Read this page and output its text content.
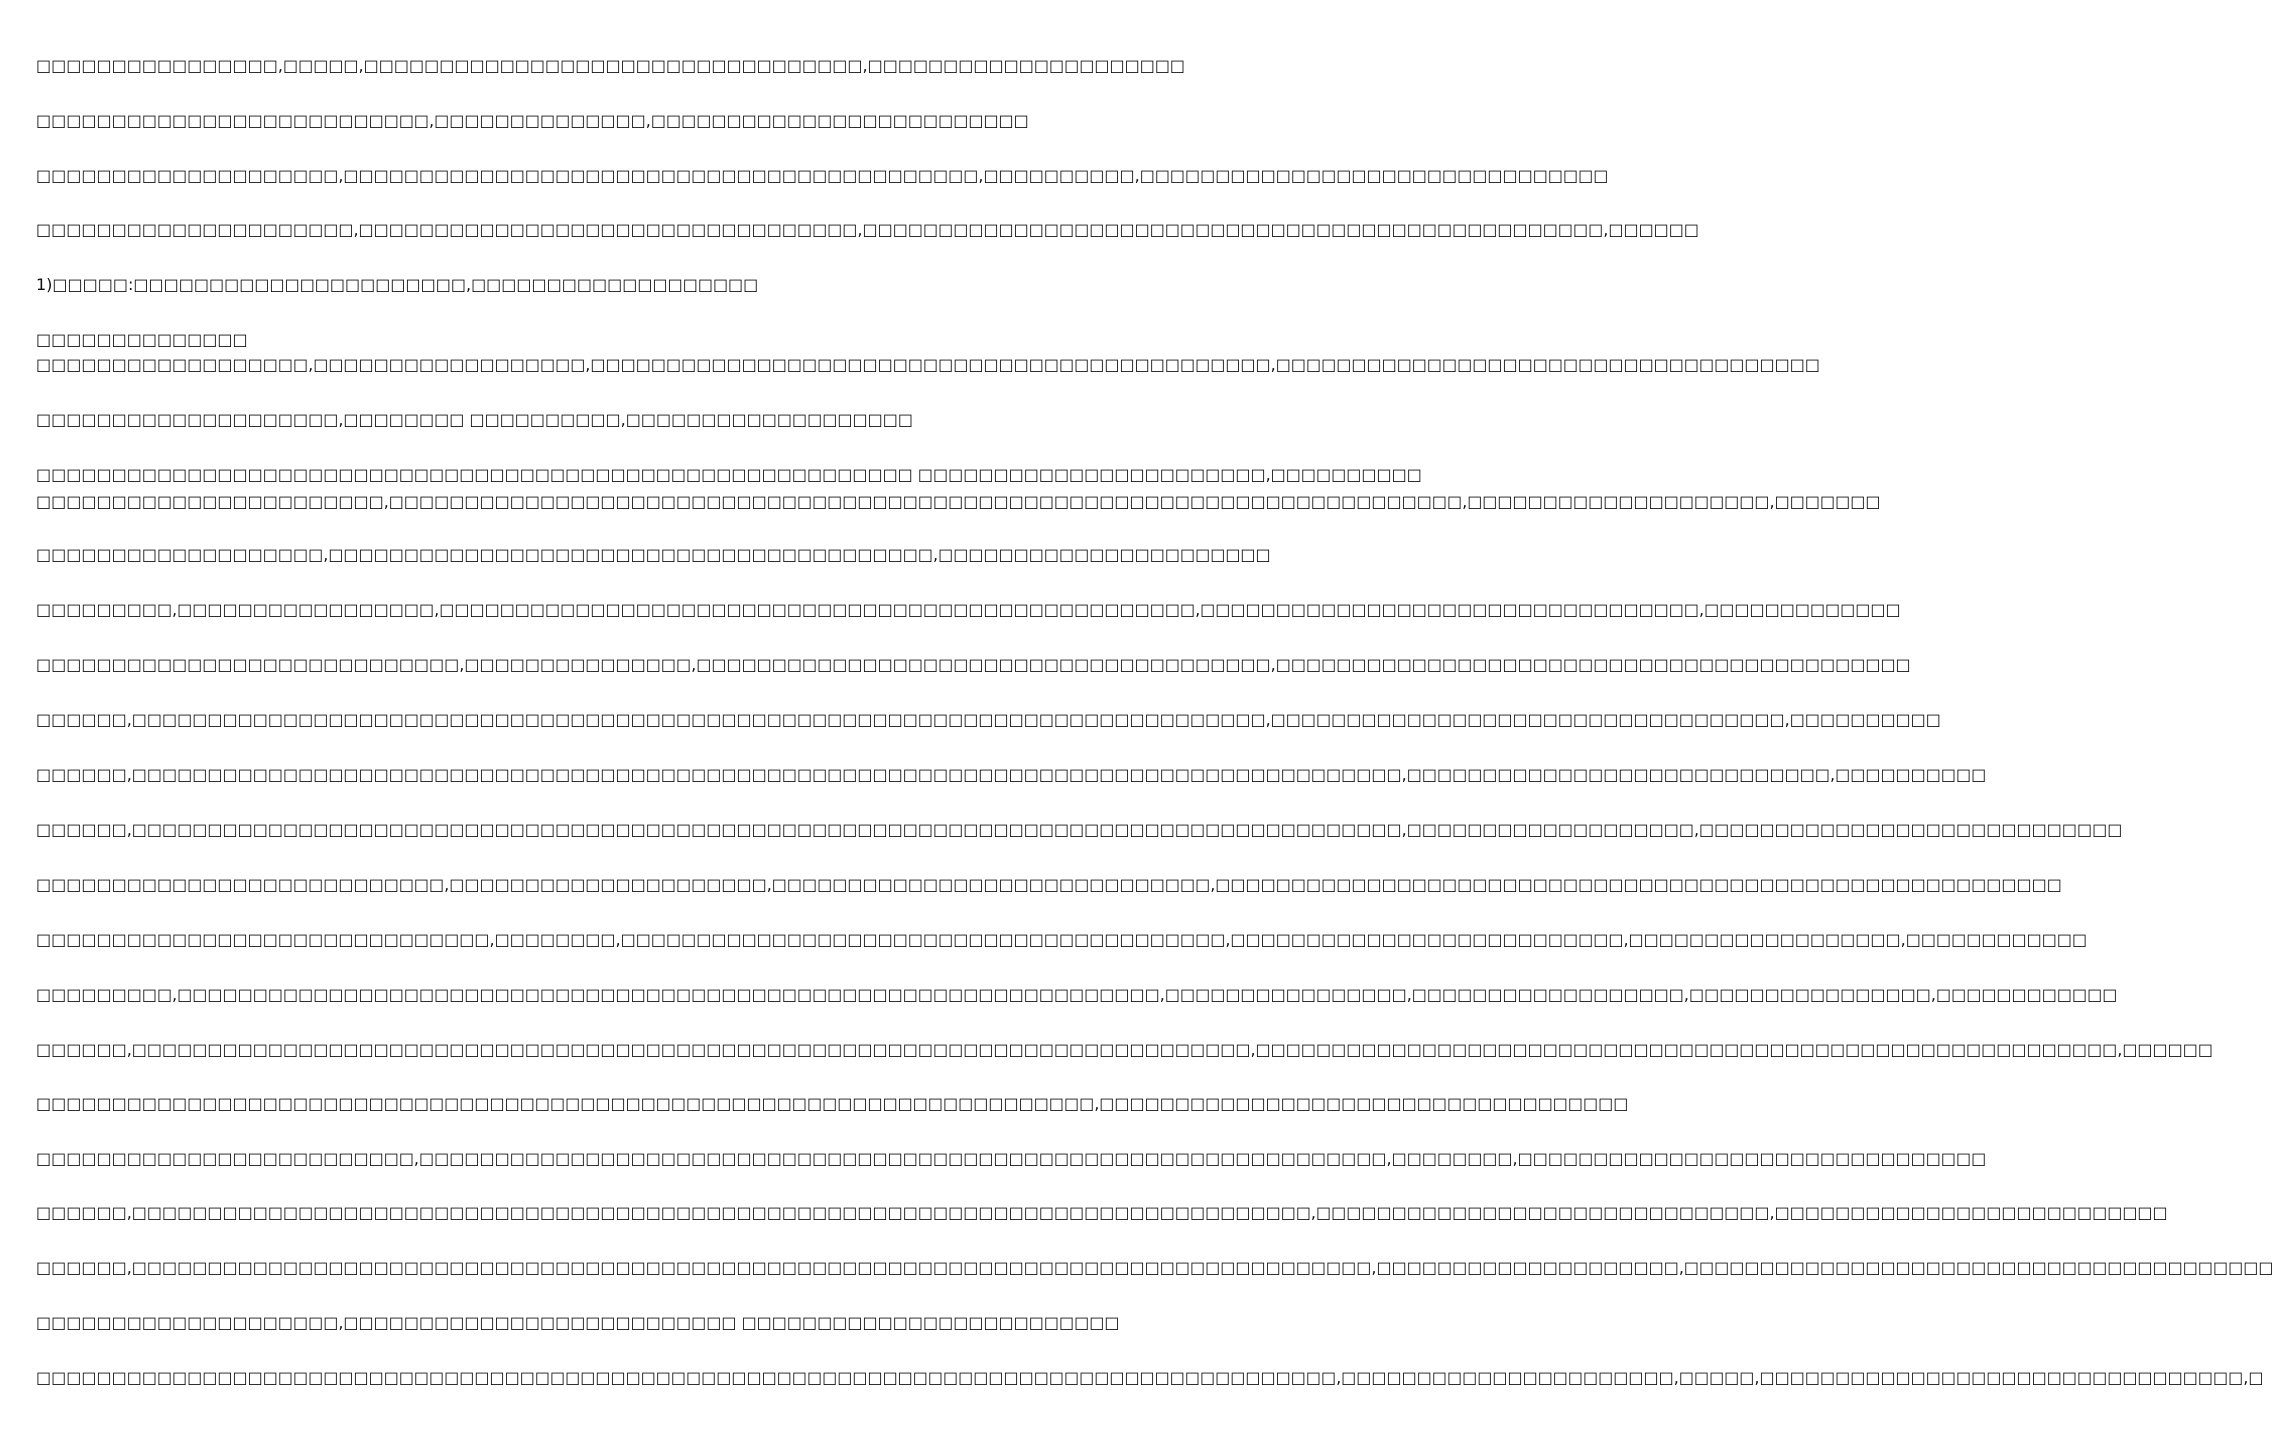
□□□□□□□□□□□□□□□□,□□□□□,□□□□□□□□□□□□□□□□□□□□□□□□□□□□□□□□□,□□□□□□□□□□□□□□□□□□□□□
□□□□□□□□□□□□□□□□□□□□□□□□□□,□□□□□□□□□□□□□□,□□□□□□□□□□□□□□□□□□□□□□□□□
□□□□□□□□□□□□□□□□□□□□,□□□□□□□□□□□□□□□□□□□□□□□□□□□□□□□□□□□□□□□□□□,□□□□□□□□□□,□□□□□□□□□□□□□□□□□□□□□□□□□□□□□□□
□□□□□□□□□□□□□□□□□□□□□,□□□□□□□□□□□□□□□□□□□□□□□□□□□□□□□□□,□□□□□□□□□□□□□□□□□□□□□□□□□□□□□□□□□□□□□□□□□□□□□□□□□,□□□□□□
1)□□□□□:□□□□□□□□□□□□□□□□□□□□□□,□□□□□□□□□□□□□□□□□□□
□□□□□□□□□□□□□□
□□□□□□□□□□□□□□□□□□,□□□□□□□□□□□□□□□□□□,□□□□□□□□□□□□□□□□□□□□□□□□□□□□□□□□□□□□□□□□□□□□□,□□□□□□□□□□□□□□□□□□□□□□□□□□□□□□□□□□□□
□□□□□□□□□□□□□□□□□□□□,□□□□□□□□ □□□□□□□□□□,□□□□□□□□□□□□□□□□□□□
□□□□□□□□□□□□□□□□□□□□□□□□□□□□□□□□□□□□□□□□□□□□□□□□□□□□□□□□□□ □□□□□□□□□□□□□□□□□□□□□□□,□□□□□□□□□□
□□□□□□□□□□□□□□□□□□□□□□□,□□□□□□□□□□□□□□□□□□□□□□□□□□□□□□□□□□□□□□□□□□□□□□□□□□□□□□□□□□□□□□□□□□□□□□□,□□□□□□□□□□□□□□□□□□□□,□□□□□□□
□□□□□□□□□□□□□□□□□□□,□□□□□□□□□□□□□□□□□□□□□□□□□□□□□□□□□□□□□□□□,□□□□□□□□□□□□□□□□□□□□□□
□□□□□□□□□,□□□□□□□□□□□□□□□□□,□□□□□□□□□□□□□□□□□□□□□□□□□□□□□□□□□□□□□□□□□□□□□□□□□□,□□□□□□□□□□□□□□□□□□□□□□□□□□□□□□□□□,□□□□□□□□□□□□□
□□□□□□□□□□□□□□□□□□□□□□□□□□□□,□□□□□□□□□□□□□□□,□□□□□□□□□□□□□□□□□□□□□□□□□□□□□□□□□□□□□□,□□□□□□□□□□□□□□□□□□□□□□□□□□□□□□□□□□□□□□□□□□
□□□□□□,□□□□□□□□□□□□□□□□□□□□□□□□□□□□□□□□□□□□□□□□□□□□□□□□□□□□□□□□□□□□□□□□□□□□□□□□□□□,□□□□□□□□□□□□□□□□□□□□□□□□□□□□□□□□□□,□□□□□□□□□□
□□□□□□,□□□□□□□□□□□□□□□□□□□□□□□□□□□□□□□□□□□□□□□□□□□□□□□□□□□□□□□□□□□□□□□□□□□□□□□□□□□□□□□□□□□□,□□□□□□□□□□□□□□□□□□□□□□□□□□□□,□□□□□□□□□□
□□□□□□,□□□□□□□□□□□□□□□□□□□□□□□□□□□□□□□□□□□□□□□□□□□□□□□□□□□□□□□□□□□□□□□□□□□□□□□□□□□□□□□□□□□□,□□□□□□□□□□□□□□□□□□□,□□□□□□□□□□□□□□□□□□□□□□□□□□□□
□□□□□□□□□□□□□□□□□□□□□□□□□□□,□□□□□□□□□□□□□□□□□□□□□,□□□□□□□□□□□□□□□□□□□□□□□□□□□□□,□□□□□□□□□□□□□□□□□□□□□□□□□□□□□□□□□□□□□□□□□□□□□□□□□□□□□□□□
□□□□□□□□□□□□□□□□□□□□□□□□□□□□□□,□□□□□□□□,□□□□□□□□□□□□□□□□□□□□□□□□□□□□□□□□□□□□□□□□,□□□□□□□□□□□□□□□□□□□□□□□□□□,□□□□□□□□□□□□□□□□□□,□□□□□□□□□□□□
□□□□□□□□□,□□□□□□□□□□□□□□□□□□□□□□□□□□□□□□□□□□□□□□□□□□□□□□□□□□□□□□□□□□□□□□□□□,□□□□□□□□□□□□□□□□,□□□□□□□□□□□□□□□□□□,□□□□□□□□□□□□□□□□,□□□□□□□□□□□□
□□□□□□,□□□□□□□□□□□□□□□□□□□□□□□□□□□□□□□□□□□□□□□□□□□□□□□□□□□□□□□□□□□□□□□□□□□□□□□□□□,□□□□□□□□□□□□□□□□□□□□□□□□□□□□□□□□□□□□□□□□□□□□□□□□□□□□□□□□□,□□□□□□
□□□□□□□□□□□□□□□□□□□□□□□□□□□□□□□□□□□□□□□□□□□□□□□□□□□□□□□□□□□□□□□□□□□□□□,□□□□□□□□□□□□□□□□□□□□□□□□□□□□□□□□□□□
□□□□□□□□□□□□□□□□□□□□□□□□□,□□□□□□□□□□□□□□□□□□□□□□□□□□□□□□□□□□□□□□□□□□□□□□□□□□□□□□□□□□□□□□□□,□□□□□□□□,□□□□□□□□□□□□□□□□□□□□□□□□□□□□□□□
□□□□□□,□□□□□□□□□□□□□□□□□□□□□□□□□□□□□□□□□□□□□□□□□□□□□□□□□□□□□□□□□□□□□□□□□□□□□□□□□□□□□□,□□□□□□□□□□□□□□□□□□□□□□□□□□□□□□,□□□□□□□□□□□□□□□□□□□□□□□□□□
□□□□□□,□□□□□□□□□□□□□□□□□□□□□□□□□□□□□□□□□□□□□□□□□□□□□□□□□□□□□□□□□□□□□□□□□□□□□□□□□□□□□□□□□□,□□□□□□□□□□□□□□□□□□□□,□□□□□□□□□□□□□□□□□□□□□□□□□□□□□□□□□□□□□□□
□□□□□□□□□□□□□□□□□□□□,□□□□□□□□□□□□□□□□□□□□□□□□□□ □□□□□□□□□□□□□□□□□□□□□□□□□
□□□□□□□□□□□□□□□□□□□□□□□□□□□□□□□□□□□□□□□□□□□□□□□□□□□□□□□□□□□□□□□□□□□□□□□□□□□□□□□□□□□□□□,□□□□□□□□□□□□□□□□□□□□□□,□□□□□,□□□□□□□□□□□□□□□□□□□□□□□□□□□□□□□□,□
